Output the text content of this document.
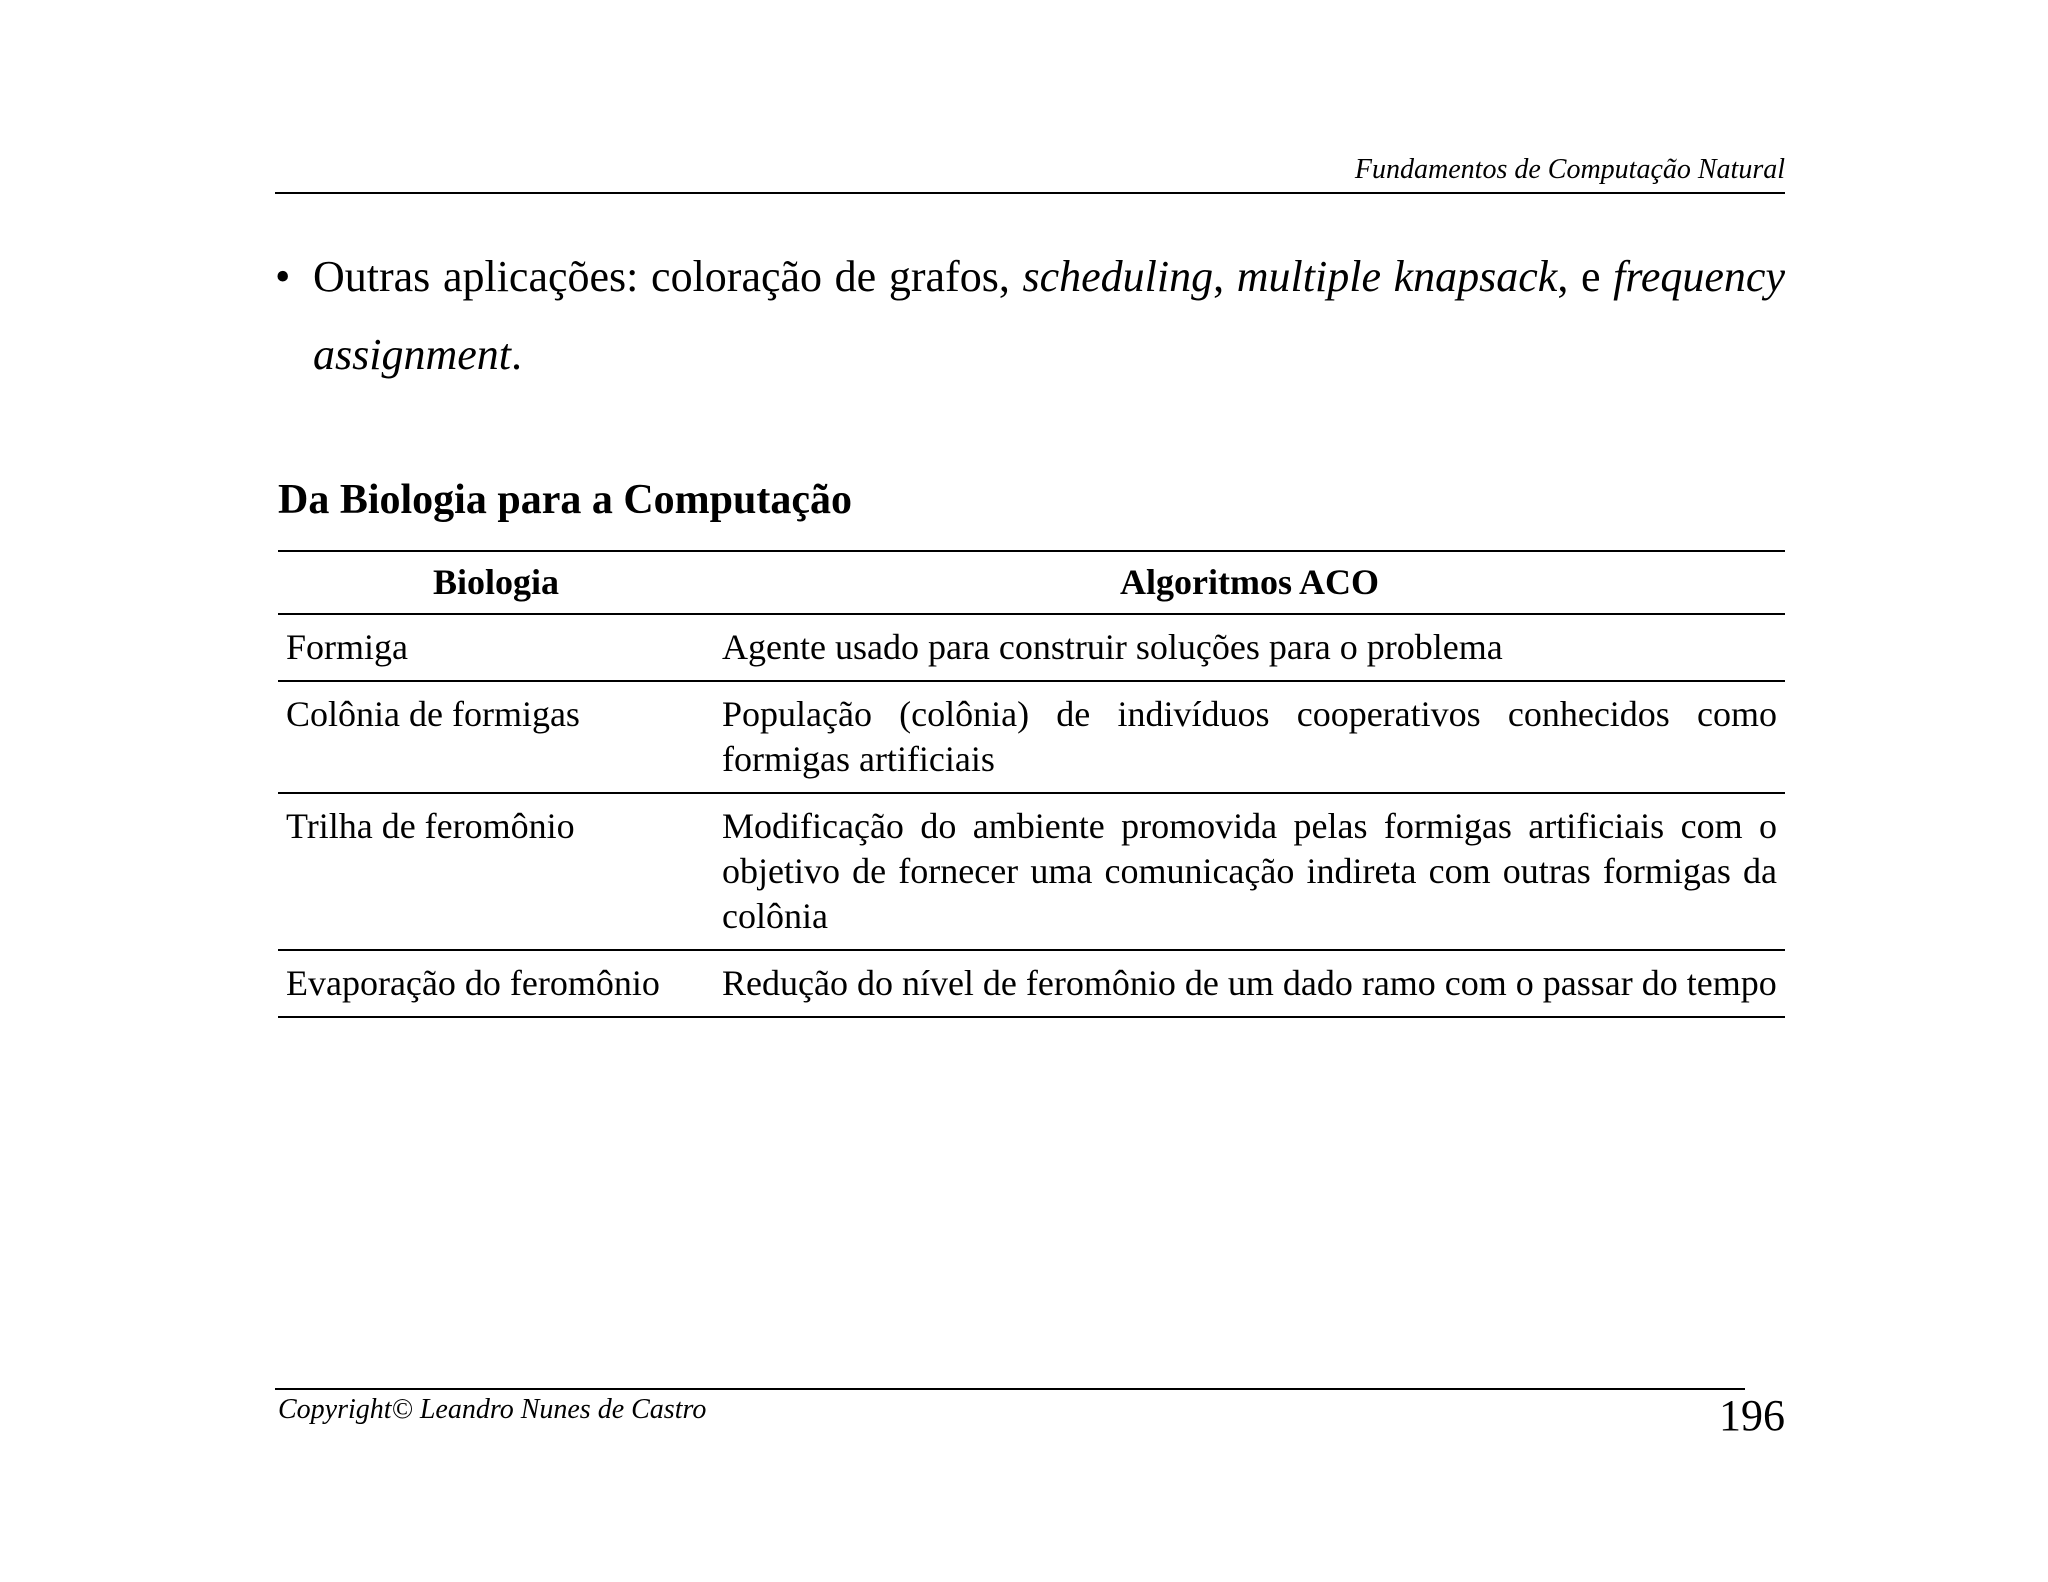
Fundamentos de Computação Natural
• Outras aplicações: coloração de grafos, scheduling, multiple knapsack, e frequency assignment.
Da Biologia para a Computação
Biologia	Algoritmos ACO
Formiga	Agente usado para construir soluções para o problema
Colônia de formigas	População (colônia) de indivíduos cooperativos conhecidos como formigas artificiais
Trilha de feromônio	Modificação do ambiente promovida pelas formigas artificiais com o objetivo de fornecer uma comunicação indireta com outras formigas da colônia
Evaporação do feromônio	Redução do nível de feromônio de um dado ramo com o passar do tempo
Copyright© Leandro Nunes de Castro	196
